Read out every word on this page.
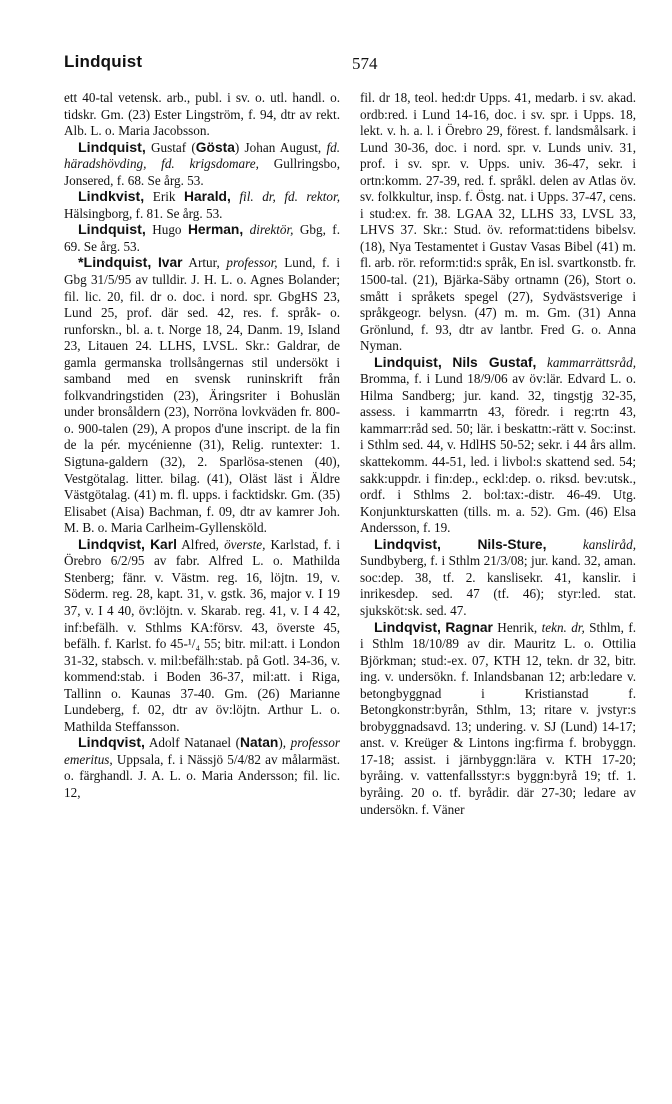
Lindquist	574

ett 40-tal vetensk. arb., publ. i sv. o. utl. handl. o. tidskr. Gm. (23) Ester Lingström, f. 94, dtr av rekt. Alb. L. o. Maria Jacobsson.

Lindquist, Gustaf (Gösta) Johan August, fd. häradshövding, fd. krigsdomare, Gullringsbo, Jonsered, f. 68. Se årg. 53.

Lindkvist, Erik Harald, fil. dr, fd. rektor, Hälsingborg, f. 81. Se årg. 53.

Lindquist, Hugo Herman, direktör, Gbg, f. 69. Se årg. 53.

*Lindquist, Ivar Artur, professor, Lund, f. i Gbg 31/5/95 av tulldir. J. H. L. o. Agnes Bolander; fil. lic. 20, fil. dr o. doc. i nord. spr. GbgHS 23, Lund 25, prof. där sed. 42, res. f. språk- o. runforskn., bl. a. t. Norge 18, 24, Danm. 19, Island 23, Litauen 24. LLHS, LVSL. Skr.: Galdrar, de gamla germanska trollsångernas stil undersökt i samband med en svensk runinskrift från folkvandringstiden (23), Äringsriter i Bohuslän under bronsåldern (23), Norröna lovkväden fr. 800- o. 900-talen (29), A propos d'une inscript. de la fin de la pér. mycénienne (31), Relig. runtexter: 1. Sigtuna-galdern (32), 2. Sparlösa-stenen (40), Vestgötalag. litter. bilag. (41), Oläst läst i Äldre Västgötalag. (41) m. fl. upps. i facktidskr. Gm. (35) Elisabet (Aisa) Bachman, f. 09, dtr av kamrer Joh. M. B. o. Maria Carlheim-Gyllensköld.

Lindqvist, Karl Alfred, överste, Karlstad, f. i Örebro 6/2/95 av fabr. Alfred L. o. Mathilda Stenberg; fänr. v. Västm. reg. 16, löjtn. 19, v. Söderm. reg. 28, kapt. 31, v. gstk. 36, major v. I 19 37, v. I 4 40, öv:löjtn. v. Skarab. reg. 41, v. I 4 42, inf:befälh. v. Sthlms KA:försv. 43, överste 45, befälh. f. Karlst. fo 45-¹/₄ 55; bitr. mil:att. i London 31-32, stabsch. v. mil:befälh:stab. på Gotl. 34-36, v. kommend:stab. i Boden 36-37, mil:att. i Riga, Tallinn o. Kaunas 37-40. Gm. (26) Marianne Lundeberg, f. 02, dtr av öv:löjtn. Arthur L. o. Mathilda Steffansson.

Lindqvist, Adolf Natanael (Natan), professor emeritus, Uppsala, f. i Nässjö 5/4/82 av målarmäst. o. färghandl. J. A. L. o. Maria Andersson; fil. lic. 12,

fil. dr 18, teol. hed:dr Upps. 41, medarb. i sv. akad. ordb:red. i Lund 14-16, doc. i sv. spr. i Upps. 18, lekt. v. h. a. l. i Örebro 29, förest. f. landsmålsark. i Lund 30-36, doc. i nord. spr. v. Lunds univ. 31, prof. i sv. spr. v. Upps. univ. 36-47, sekr. i ortn:komm. 27-39, red. f. språkl. delen av Atlas öv. sv. folkkultur, insp. f. Östg. nat. i Upps. 37-47, cens. i stud:ex. fr. 38. LGAA 32, LLHS 33, LVSL 33, LHVS 37. Skr.: Stud. öv. reformat:tidens bibelsv. (18), Nya Testamentet i Gustav Vasas Bibel (41) m. fl. arb. rör. reform:tid:s språk, En isl. svartkonstb. fr. 1500-tal. (21), Bjärka-Säby ortnamn (26), Stort o. smått i språkets spegel (27), Sydvästsverige i språkgeogr. belysn. (47) m. m. Gm. (31) Anna Grönlund, f. 93, dtr av lantbr. Fred G. o. Anna Nyman.

Lindquist, Nils Gustaf, kammarrättsråd, Bromma, f. i Lund 18/9/06 av öv:lär. Edvard L. o. Hilma Sandberg; jur. kand. 32, tingstjg 32-35, assess. i kammarrtn 43, föredr. i reg:rtn 43, kammarr:råd sed. 50; lär. i beskattn:-rätt v. Soc:inst. i Sthlm sed. 44, v. HdlHS 50-52; sekr. i 44 års allm. skattekomm. 44-51, led. i livbol:s skattend sed. 54; sakk:uppdr. i fin:dep., eckl:dep. o. riksd. bev:utsk., ordf. i Sthlms 2. bol:tax:-distr. 46-49. Utg. Konjunkturskatten (tills. m. a. 52). Gm. (46) Elsa Andersson, f. 19.

Lindqvist,	Nils-Sture, kansliråd, Sundbyberg, f. i Sthlm 21/3/08; jur. kand. 32, aman. soc:dep. 38, tf. 2. kanslisekr. 41, kanslir. i inrikesdep. sed. 47 (tf. 46); styr:led. stat. sjuksköt:sk. sed. 47.

Lindqvist, Ragnar Henrik, tekn. dr, Sthlm, f. i Sthlm 18/10/89 av dir. Mauritz L. o. Ottilia Björkman; stud:-ex. 07, KTH 12, tekn. dr 32, bitr. ing. v. undersökn. f. Inlandsbanan 12; arb:ledare v. betongbyggnad i Kristianstad f. Betongkonstr:byrån, Sthlm, 13; ritare v. jvstyr:s brobyggnadsavd. 13; undering. v. SJ (Lund) 14-17; anst. v. Kreüger & Lintons ing:firma f. brobyggn. 17-18; assist. i järnbyggn:lära v. KTH 17-20; byråing. v. vattenfallsstyr:s byggn:byrå 19; tf. 1. byråing. 20 o. tf. byrådir. där 27-30; ledare av undersökn. f. Väner
